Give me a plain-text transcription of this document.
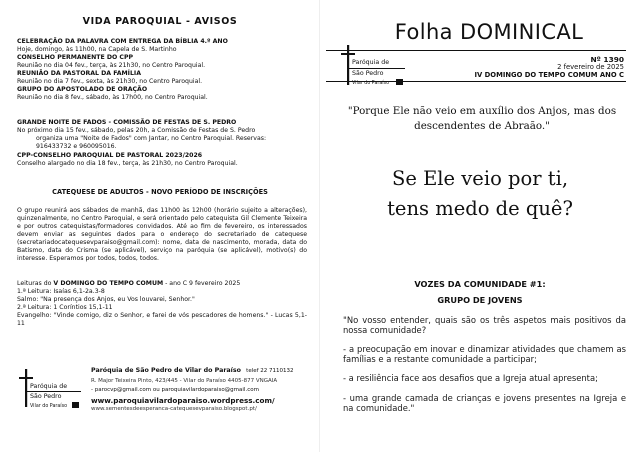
VIDA PAROQUIAL - AVISOS
CELEBRAÇÃO DA PALAVRA COM ENTREGA DA BÍBLIA 4.º ANO
Hoje, domingo, às 11h00, na Capela de S. Martinho
CONSELHO PERMANENTE DO CPP
Reunião no dia 04 fev., terça, às 21h30, no Centro Paroquial.
REUNIÃO DA PASTORAL DA FAMÍLIA
Reunião no dia 7 fev., sexta, às 21h30, no Centro Paroquial.
GRUPO DO APOSTOLADO DE ORAÇÃO
Reunião no dia 8 fev., sábado, às 17h00, no Centro Paroquial.
GRANDE NOITE DE FADOS - COMISSÃO DE FESTAS DE S. PEDRO
No próximo dia 15 fev., sábado, pelas 20h, a Comissão de Festas de S. Pedro
organiza uma "Noite de Fados" com Jantar, no Centro Paroquial. Reservas:
916433732 e 960095016.
CPP-CONSELHO PAROQUIAL DE PASTORAL 2023/2026
Conselho alargado no dia 18 fev., terça, às 21h30, no Centro Paroquial.
CATEQUESE DE ADULTOS - NOVO PERÍODO DE INSCRIÇÕES
O grupo reunirá aos sábados de manhã, das 11h00 às 12h00 (horário sujeito a alterações), quinzenalmente, no Centro Paroquial, e será orientado pelo catequista Gil Clemente Teixeira e por outros catequistas/formadores convidados. Até ao fim de fevereiro, os interessados devem enviar as seguintes dados para o endereço do secretariado de catequese (secretariadocatequesevparaiso@gmail.com): nome, data de nascimento, morada, data do Batismo, data do Crisma (se aplicável), serviço na paróquia (se aplicável), motivo(s) do interesse. Esperamos por todos, todos, todos.
Leituras do V DOMINGO DO TEMPO COMUM - ano C 9 fevereiro 2025
1.ª Leitura: Isaías 6,1-2a.3-8
Salmo: "Na presença dos Anjos, eu Vos louvarei, Senhor."
2.ª Leitura: 1 Coríntios 15,1-11
Evangelho: "Vinde comigo, diz o Senhor, e farei de vós pescadores de homens." - Lucas 5,1-11
Paróquia de
São Pedro
Vilar do Paraíso
Paróquia de São Pedro de Vilar do Paraíso telef 22 7110132
R. Major Teixeira Pinto, 423/445 - Vilar do Paraíso 4405-877 VNGAIA
- parocvp@gmail.com ou paroquiavilardoparaiso@gmail.com
www.paroquiavilardoparaiso.wordpress.com/
www.sementesdeesperanca-catequesevparaiso.blogspot.pt/
Folha DOMINICAL
Paróquia de
São Pedro
Vilar do Paraíso
Nº 1390
2 fevereiro de 2025
IV DOMINGO DO TEMPO COMUM ANO C
"Porque Ele não veio em auxílio dos Anjos, mas dos descendentes de Abraão."
Se Ele veio por ti,
tens medo de quê?
VOZES DA COMUNIDADE #1:
GRUPO DE JOVENS

"No vosso entender, quais são os três aspetos mais positivos da nossa comunidade?

- a preocupação em inovar e dinamizar atividades que chamem as famílias e a restante comunidade a participar;

- a resiliência face aos desafios que a Igreja atual apresenta;

- uma grande camada de crianças e jovens presentes na Igreja e na comunidade."
